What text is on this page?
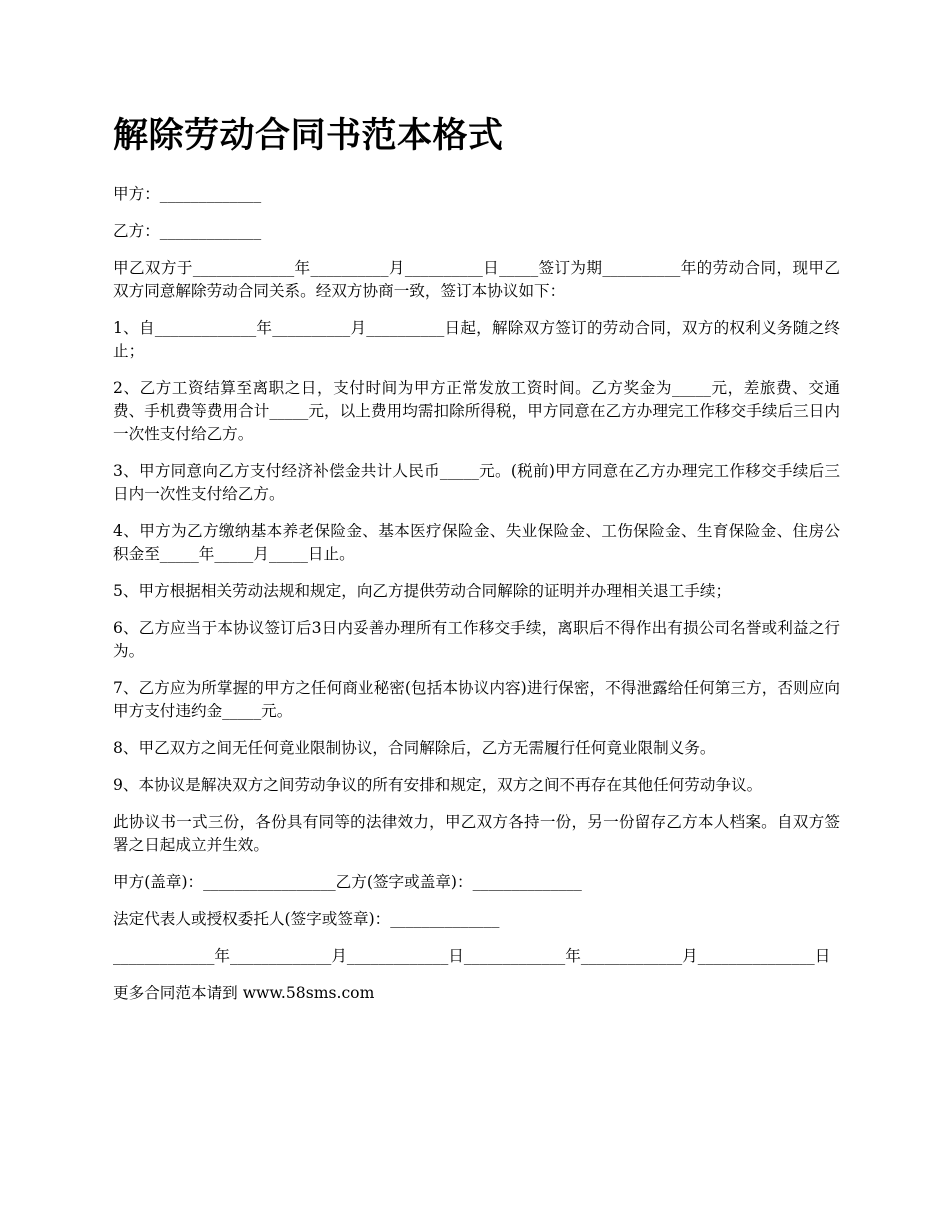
解除劳动合同书范本格式

甲方：_____________

乙方：_____________

甲乙双方于_____________年__________月__________日_____签订为期__________年的劳动合同，现甲乙双方同意解除劳动合同关系。经双方协商一致，签订本协议如下：

1、自_____________年__________月__________日起，解除双方签订的劳动合同，双方的权利义务随之终止；

2、乙方工资结算至离职之日，支付时间为甲方正常发放工资时间。乙方奖金为_____元，差旅费、交通费、手机费等费用合计_____元，以上费用均需扣除所得税，甲方同意在乙方办理完工作移交手续后三日内一次性支付给乙方。

3、甲方同意向乙方支付经济补偿金共计人民币_____元。(税前)甲方同意在乙方办理完工作移交手续后三日内一次性支付给乙方。

4、甲方为乙方缴纳基本养老保险金、基本医疗保险金、失业保险金、工伤保险金、生育保险金、住房公积金至_____年_____月_____日止。

5、甲方根据相关劳动法规和规定，向乙方提供劳动合同解除的证明并办理相关退工手续；

6、乙方应当于本协议签订后3日内妥善办理所有工作移交手续，离职后不得作出有损公司名誉或利益之行为。

7、乙方应为所掌握的甲方之任何商业秘密(包括本协议内容)进行保密，不得泄露给任何第三方，否则应向甲方支付违约金_____元。

8、甲乙双方之间无任何竟业限制协议，合同解除后，乙方无需履行任何竟业限制义务。

9、本协议是解决双方之间劳动争议的所有安排和规定，双方之间不再存在其他任何劳动争议。

此协议书一式三份，各份具有同等的法律效力，甲乙双方各持一份，另一份留存乙方本人档案。自双方签署之日起成立并生效。

甲方(盖章)：_________________乙方(签字或盖章)：______________

法定代表人或授权委托人(签字或签章)：______________

_____________年_____________月_____________日_____________年_____________月_______________日

更多合同范本请到 www.58sms.com
